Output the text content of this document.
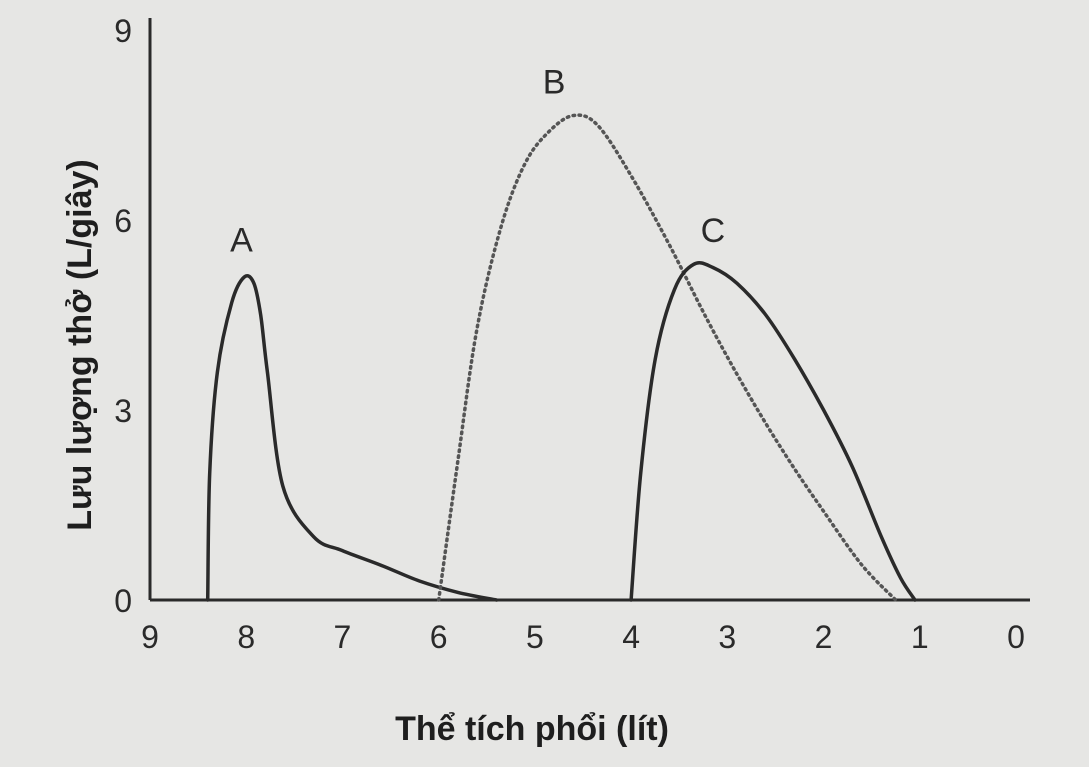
9 8 7 6 5 4 3 2 1 0
0
3
6
9
A
B
C
Thể tích phổi (lít)
Lưu lượng thở (L/giây)
